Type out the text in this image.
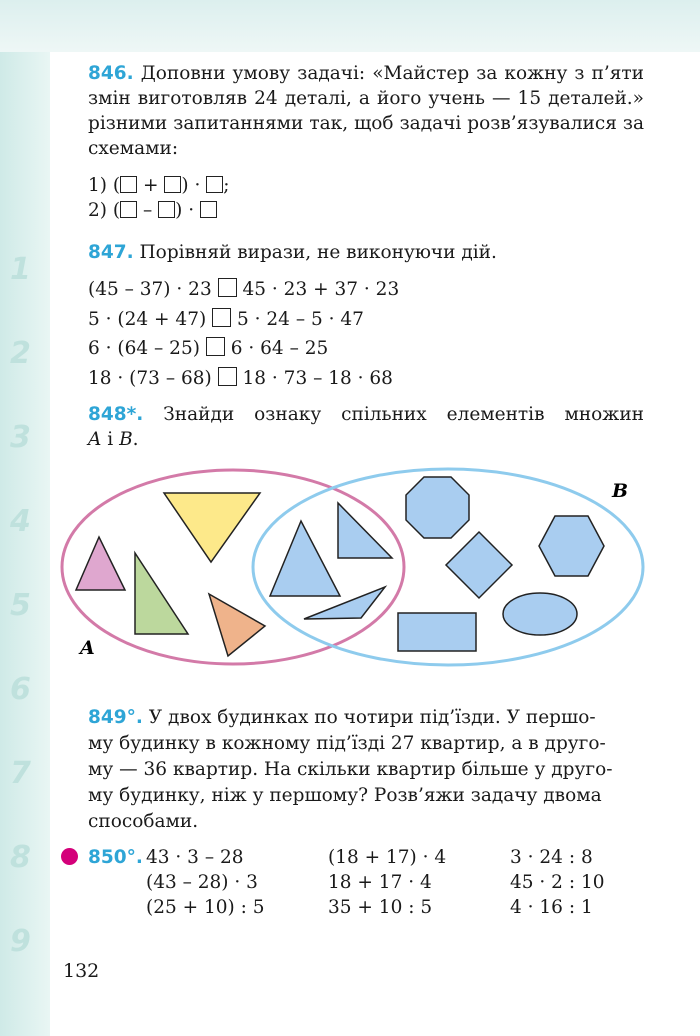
1
2
3
4
5
6
7
8
9

846. Доповни умову задачі: «Майстер за кожну з п’яти змін виготовляв 24 деталі, а його учень — 15 деталей.» різними запитаннями так, щоб задачі розв’язувалися за схемами:

1) ( + ) · ;

2) ( – ) ·

847. Порівняй вирази, не виконуючи дій.

(45 – 37) · 23 45 · 23 + 37 · 23

5 · (24 + 47) 5 · 24 – 5 · 47

6 · (64 – 25) 6 · 64 – 25

18 · (73 – 68) 18 · 73 – 18 · 68

848*. Знайди ознаку спільних елементів множин

A і B.

B
A

849°. У двох будинках по чотири під’їзди. У першо-

му будинку в кожному під’їзді 27 квартир, а в друго-

му — 36 квартир. На скільки квартир більше у друго-

му будинку, ніж у першому? Розв’яжи задачу двома

способами.

850°. 43 · 3 – 28
(43 – 28) · 3
(25 + 10) : 5
(18 + 17) · 4
18 + 17 · 4
35 + 10 : 5
3 · 24 : 8
45 · 2 : 10
4 · 16 : 1
132
